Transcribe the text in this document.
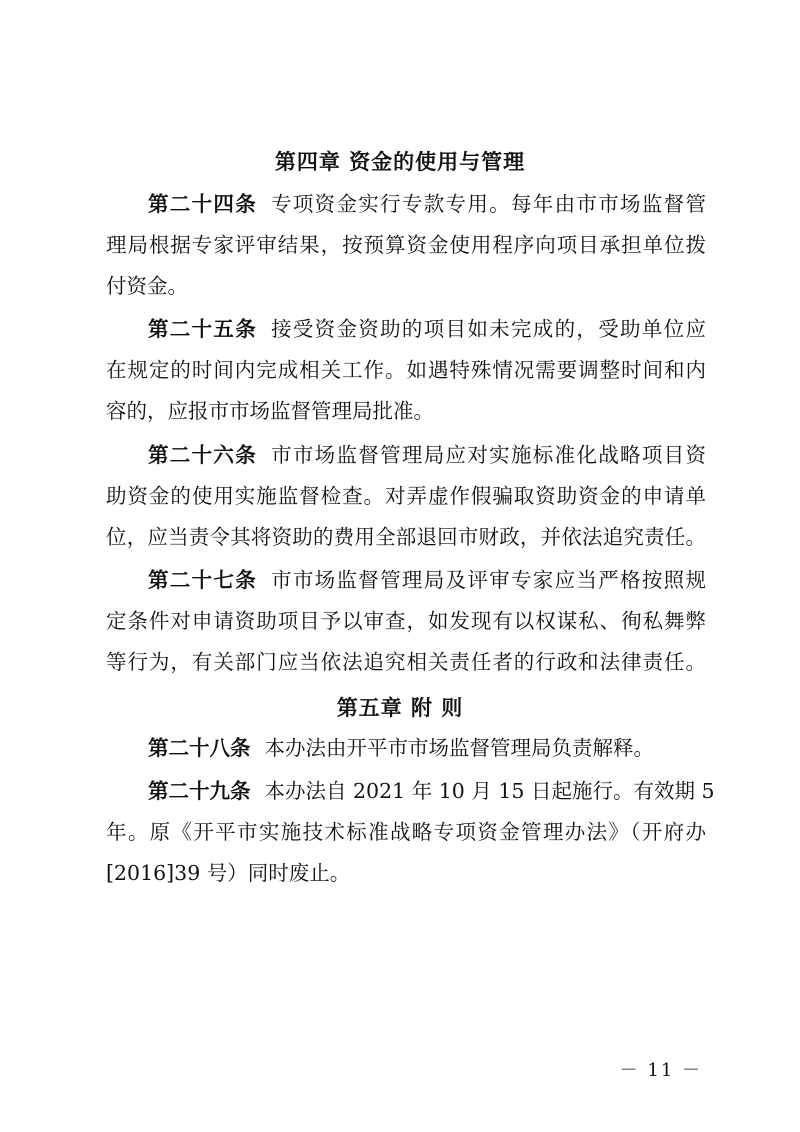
第四章 资金的使用与管理
第二十四条 专项资金实行专款专用。每年由市市场监督管
理局根据专家评审结果，按预算资金使用程序向项目承担单位拨
付资金。
第二十五条 接受资金资助的项目如未完成的，受助单位应
在规定的时间内完成相关工作。如遇特殊情况需要调整时间和内
容的，应报市市场监督管理局批准。
第二十六条 市市场监督管理局应对实施标准化战略项目资
助资金的使用实施监督检查。对弄虚作假骗取资助资金的申请单
位，应当责令其将资助的费用全部退回市财政，并依法追究责任。
第二十七条 市市场监督管理局及评审专家应当严格按照规
定条件对申请资助项目予以审查，如发现有以权谋私、徇私舞弊
等行为，有关部门应当依法追究相关责任者的行政和法律责任。
第五章 附 则
第二十八条 本办法由开平市市场监督管理局负责解释。
第二十九条 本办法自 2021 年 10 月 15 日起施行。有效期 5
年。原《开平市实施技术标准战略专项资金管理办法》（开府办
[2016]39 号）同时废止。
－ 11 －
